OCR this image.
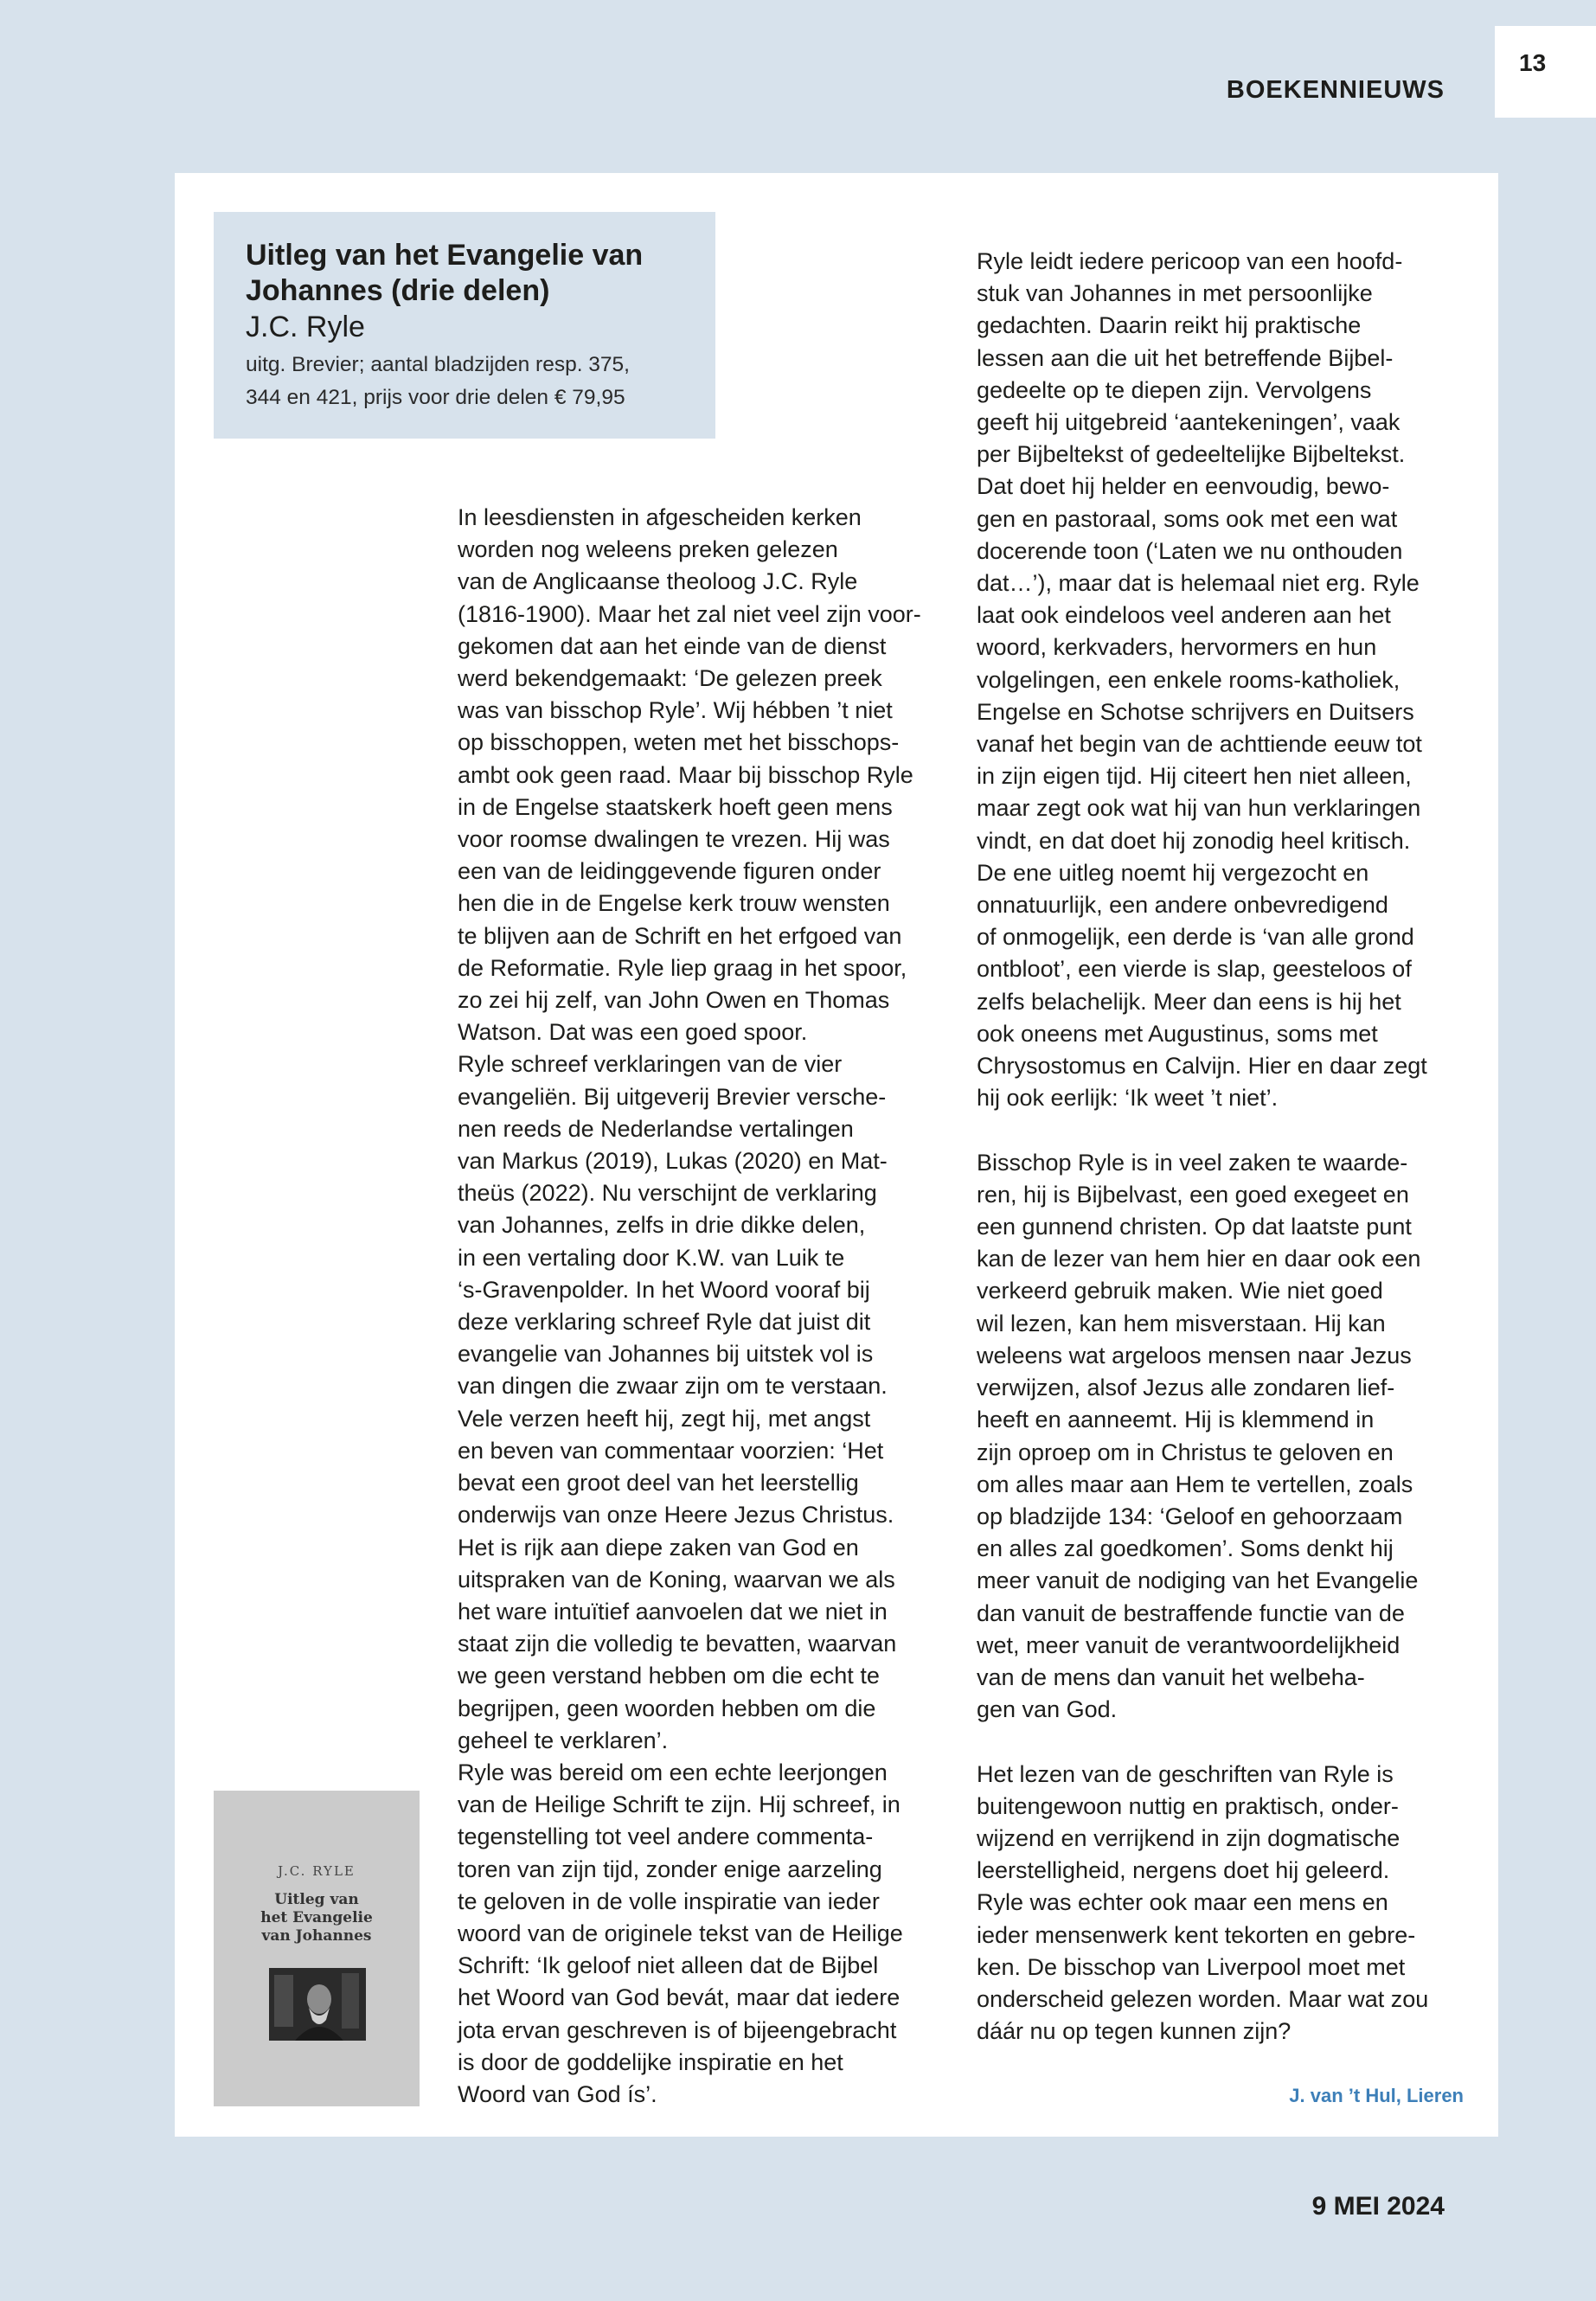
BOEKENNIEUWS
13

Uitleg van het Evangelie van
Johannes (drie delen)

J.C. Ryle

uitg. Brevier; aantal bladzijden resp. 375,
344 en 421, prijs voor drie delen € 79,95
In leesdiensten in afgescheiden kerken
worden nog weleens preken gelezen
van de Anglicaanse theoloog J.C. Ryle
(1816-1900). Maar het zal niet veel zijn voor-
gekomen dat aan het einde van de dienst
werd bekendgemaakt: ‘De gelezen preek
was van bisschop Ryle’. Wij hébben ’t niet
op bisschoppen, weten met het bisschops-
ambt ook geen raad. Maar bij bisschop Ryle
in de Engelse staatskerk hoeft geen mens
voor roomse dwalingen te vrezen. Hij was
een van de leidinggevende figuren onder
hen die in de Engelse kerk trouw wensten
te blijven aan de Schrift en het erfgoed van
de Reformatie. Ryle liep graag in het spoor,
zo zei hij zelf, van John Owen en Thomas
Watson. Dat was een goed spoor.
Ryle schreef verklaringen van de vier
evangeliën. Bij uitgeverij Brevier versche-
nen reeds de Nederlandse vertalingen
van Markus (2019), Lukas (2020) en Mat-
theüs (2022). Nu verschijnt de verklaring
van Johannes, zelfs in drie dikke delen,
in een vertaling door K.W. van Luik te
‘s-Gravenpolder. In het Woord vooraf bij
deze verklaring schreef Ryle dat juist dit
evangelie van Johannes bij uitstek vol is
van dingen die zwaar zijn om te verstaan.
Vele verzen heeft hij, zegt hij, met angst
en beven van commentaar voorzien: ‘Het
bevat een groot deel van het leerstellig
onderwijs van onze Heere Jezus Christus.
Het is rijk aan diepe zaken van God en
uitspraken van de Koning, waarvan we als
het ware intuïtief aanvoelen dat we niet in
staat zijn die volledig te bevatten, waarvan
we geen verstand hebben om die echt te
begrijpen, geen woorden hebben om die
geheel te verklaren’.
Ryle was bereid om een echte leerjongen
van de Heilige Schrift te zijn. Hij schreef, in
tegenstelling tot veel andere commenta-
toren van zijn tijd, zonder enige aarzeling
te geloven in de volle inspiratie van ieder
woord van de originele tekst van de Heilige
Schrift: ‘Ik geloof niet alleen dat de Bijbel
het Woord van God bevát, maar dat iedere
jota ervan geschreven is of bijeengebracht
is door de goddelijke inspiratie en het
Woord van God ís’.
Ryle leidt iedere pericoop van een hoofd-
stuk van Johannes in met persoonlijke
gedachten. Daarin reikt hij praktische
lessen aan die uit het betreffende Bijbel-
gedeelte op te diepen zijn. Vervolgens
geeft hij uitgebreid ‘aantekeningen’, vaak
per Bijbeltekst of gedeeltelijke Bijbeltekst.
Dat doet hij helder en eenvoudig, bewo-
gen en pastoraal, soms ook met een wat
docerende toon (‘Laten we nu onthouden
dat…’), maar dat is helemaal niet erg. Ryle
laat ook eindeloos veel anderen aan het
woord, kerkvaders, hervormers en hun
volgelingen, een enkele rooms-katholiek,
Engelse en Schotse schrijvers en Duitsers
vanaf het begin van de achttiende eeuw tot
in zijn eigen tijd. Hij citeert hen niet alleen,
maar zegt ook wat hij van hun verklaringen
vindt, en dat doet hij zonodig heel kritisch.
De ene uitleg noemt hij vergezocht en
onnatuurlijk, een andere onbevredigend
of onmogelijk, een derde is ‘van alle grond
ontbloot’, een vierde is slap, geesteloos of
zelfs belachelijk. Meer dan eens is hij het
ook oneens met Augustinus, soms met
Chrysostomus en Calvijn. Hier en daar zegt
hij ook eerlijk: ‘Ik weet ’t niet’.
Bisschop Ryle is in veel zaken te waarde-
ren, hij is Bijbelvast, een goed exegeet en
een gunnend christen. Op dat laatste punt
kan de lezer van hem hier en daar ook een
verkeerd gebruik maken. Wie niet goed
wil lezen, kan hem misverstaan. Hij kan
weleens wat argeloos mensen naar Jezus
verwijzen, alsof Jezus alle zondaren lief-
heeft en aanneemt. Hij is klemmend in
zijn oproep om in Christus te geloven en
om alles maar aan Hem te vertellen, zoals
op bladzijde 134: ‘Geloof en gehoorzaam
en alles zal goedkomen’. Soms denkt hij
meer vanuit de nodiging van het Evangelie
dan vanuit de bestraffende functie van de
wet, meer vanuit de verantwoordelijkheid
van de mens dan vanuit het welbeha-
gen van God.
Het lezen van de geschriften van Ryle is
buitengewoon nuttig en praktisch, onder-
wijzend en verrijkend in zijn dogmatische
leerstelligheid, nergens doet hij geleerd.
Ryle was echter ook maar een mens en
ieder mensenwerk kent tekorten en gebre-
ken. De bisschop van Liverpool moet met
onderscheid gelezen worden. Maar wat zou
dáár nu op tegen kunnen zijn?
J. van ’t Hul, Lieren
J.C. RYLE
Uitleg van
het Evangelie
van Johannes
9 MEI 2024
